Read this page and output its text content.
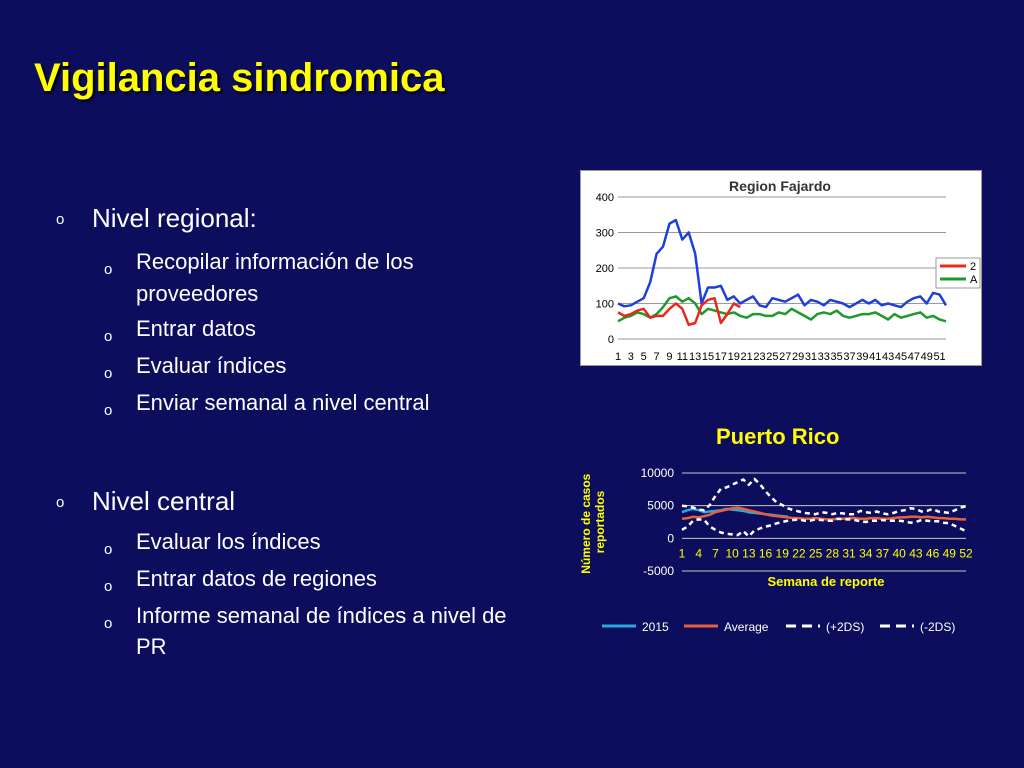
Vigilancia sindromica
o Nivel regional:
o Recopilar información de los
proveedores
o Entrar datos
o Evaluar índices
o Enviar semanal a nivel central
o Nivel central
o Evaluar los índices
o Entrar datos de regiones
o Informe semanal de índices a nivel de
PR
Region Fajardo
0
100
200
300
400
1 3 5 7 9 11 13 15 17 19 21 23 25 27 29 31 33 35 37 39 41 43 45 47 49 51
2
A
Puerto Rico
-5000
0
5000
10000
1 4 7 10 13 16 19 22 25 28 31 34 37 40 43 46 49 52
Semana de reporte
Número de casos reportados
2015	Average	(+2DS)	(-2DS)
